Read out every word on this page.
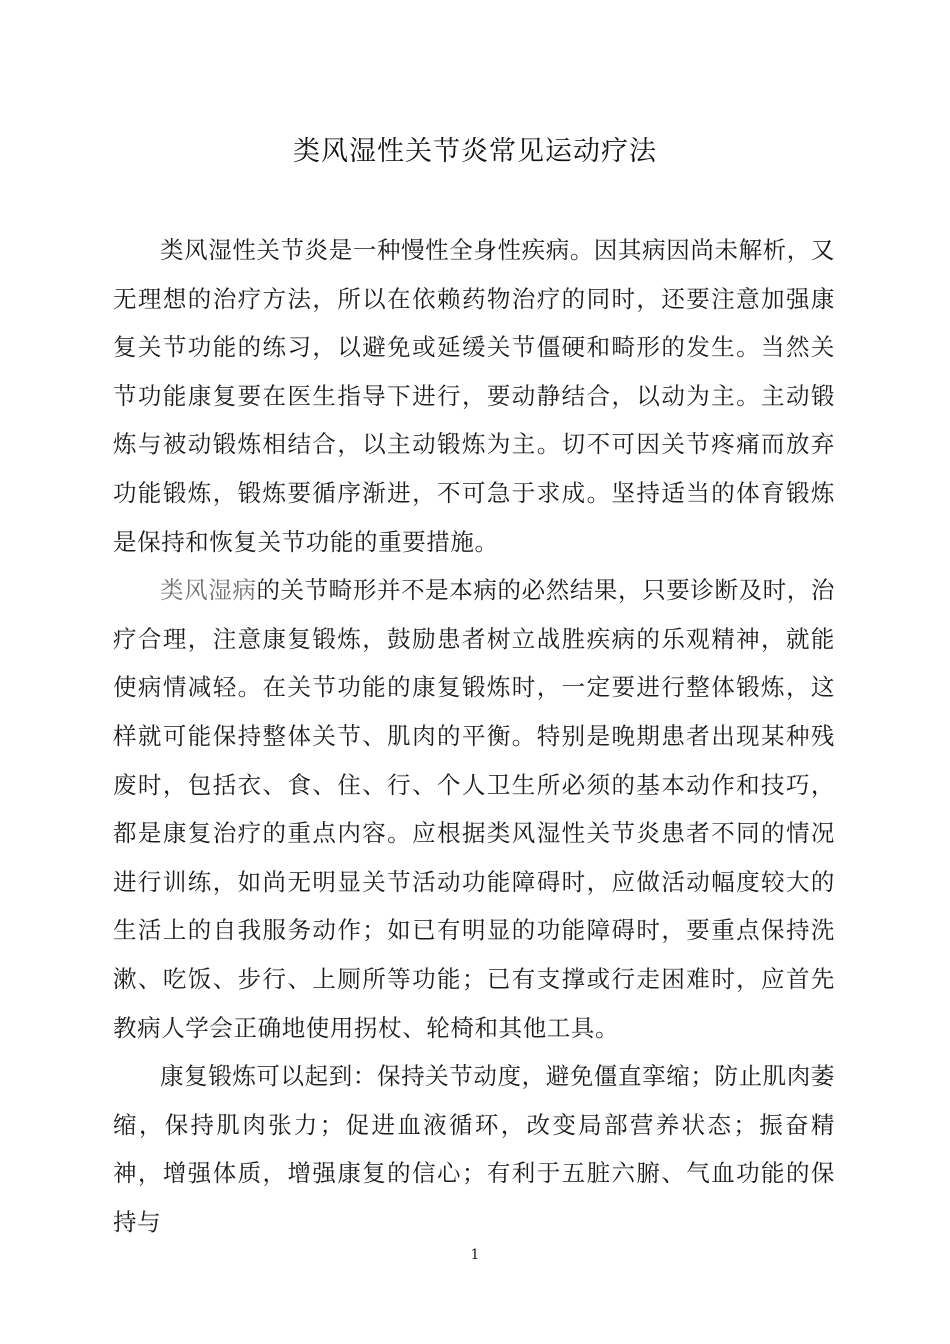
类风湿性关节炎常见运动疗法

类风湿性关节炎是一种慢性全身性疾病。因其病因尚未解析，又无理想的治疗方法，所以在依赖药物治疗的同时，还要注意加强康复关节功能的练习，以避免或延缓关节僵硬和畸形的发生。当然关节功能康复要在医生指导下进行，要动静结合，以动为主。主动锻炼与被动锻炼相结合，以主动锻炼为主。切不可因关节疼痛而放弃功能锻炼，锻炼要循序渐进，不可急于求成。坚持适当的体育锻炼是保持和恢复关节功能的重要措施。

类风湿病的关节畸形并不是本病的必然结果，只要诊断及时，治疗合理，注意康复锻炼，鼓励患者树立战胜疾病的乐观精神，就能使病情减轻。在关节功能的康复锻炼时，一定要进行整体锻炼，这样就可能保持整体关节、肌肉的平衡。特别是晚期患者出现某种残废时，包括衣、食、住、行、个人卫生所必须的基本动作和技巧，都是康复治疗的重点内容。应根据类风湿性关节炎患者不同的情况进行训练，如尚无明显关节活动功能障碍时，应做活动幅度较大的生活上的自我服务动作；如已有明显的功能障碍时，要重点保持洗漱、吃饭、步行、上厕所等功能；已有支撑或行走困难时，应首先教病人学会正确地使用拐杖、轮椅和其他工具。

康复锻炼可以起到：保持关节动度，避免僵直挛缩；防止肌肉萎缩，保持肌肉张力；促进血液循环，改变局部营养状态；振奋精神，增强体质，增强康复的信心；有利于五脏六腑、气血功能的保持与

1
